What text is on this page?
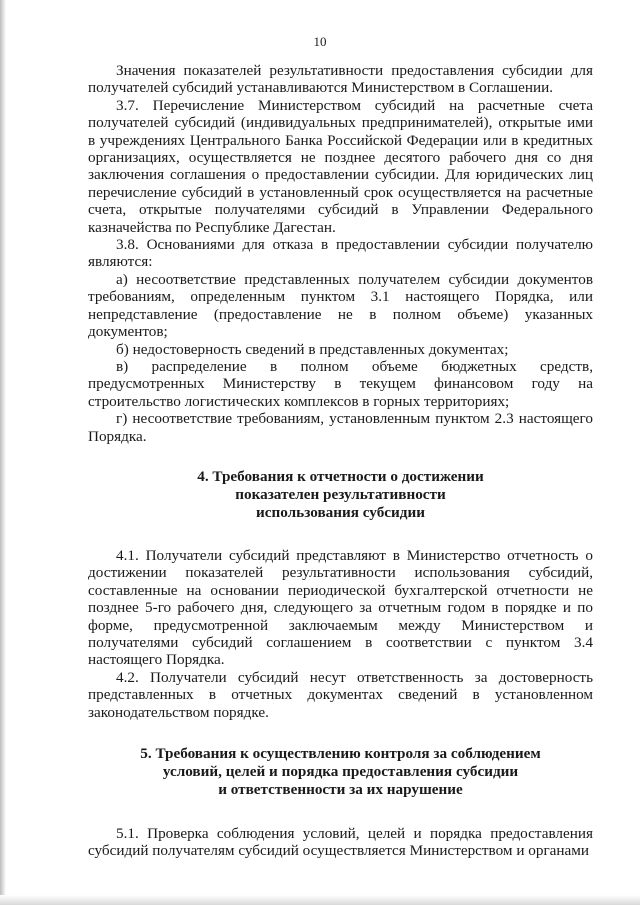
10

Значения показателей результативности предоставления субсидии для получателей субсидий устанавливаются Министерством в Соглашении.

3.7. Перечисление Министерством субсидий на расчетные счета получателей субсидий (индивидуальных предпринимателей), открытые ими в учреждениях Центрального Банка Российской Федерации или в кредитных организациях, осуществляется не позднее десятого рабочего дня со дня заключения соглашения о предоставлении субсидии. Для юридических лиц перечисление субсидий в установленный срок осуществляется на расчетные счета, открытые получателями субсидий в Управлении Федерального казначейства по Республике Дагестан.

3.8. Основаниями для отказа в предоставлении субсидии получателю являются:

а) несоответствие представленных получателем субсидии документов требованиям, определенным пунктом 3.1 настоящего Порядка, или непредставление (предоставление не в полном объеме) указанных документов;

б) недостоверность сведений в представленных документах;

в) распределение в полном объеме бюджетных средств, предусмотренных Министерству в текущем финансовом году на строительство логистических комплексов в горных территориях;

г) несоответствие требованиям, установленным пунктом 2.3 настоящего Порядка.

4. Требования к отчетности о достижении
показателен результативности
использования субсидии

4.1. Получатели субсидий представляют в Министерство отчетность о достижении показателей результативности использования субсидий, составленные на основании периодической бухгалтерской отчетности не позднее 5-го рабочего дня, следующего за отчетным годом в порядке и по форме, предусмотренной заключаемым между Министерством и получателями субсидий соглашением в соответствии с пунктом 3.4 настоящего Порядка.

4.2. Получатели субсидий несут ответственность за достоверность представленных в отчетных документах сведений в установленном законодательством порядке.

5. Требования к осуществлению контроля за соблюдением
условий, целей и порядка предоставления субсидии
и ответственности за их нарушение

5.1. Проверка соблюдения условий, целей и порядка предоставления субсидий получателям субсидий осуществляется Министерством и органами
